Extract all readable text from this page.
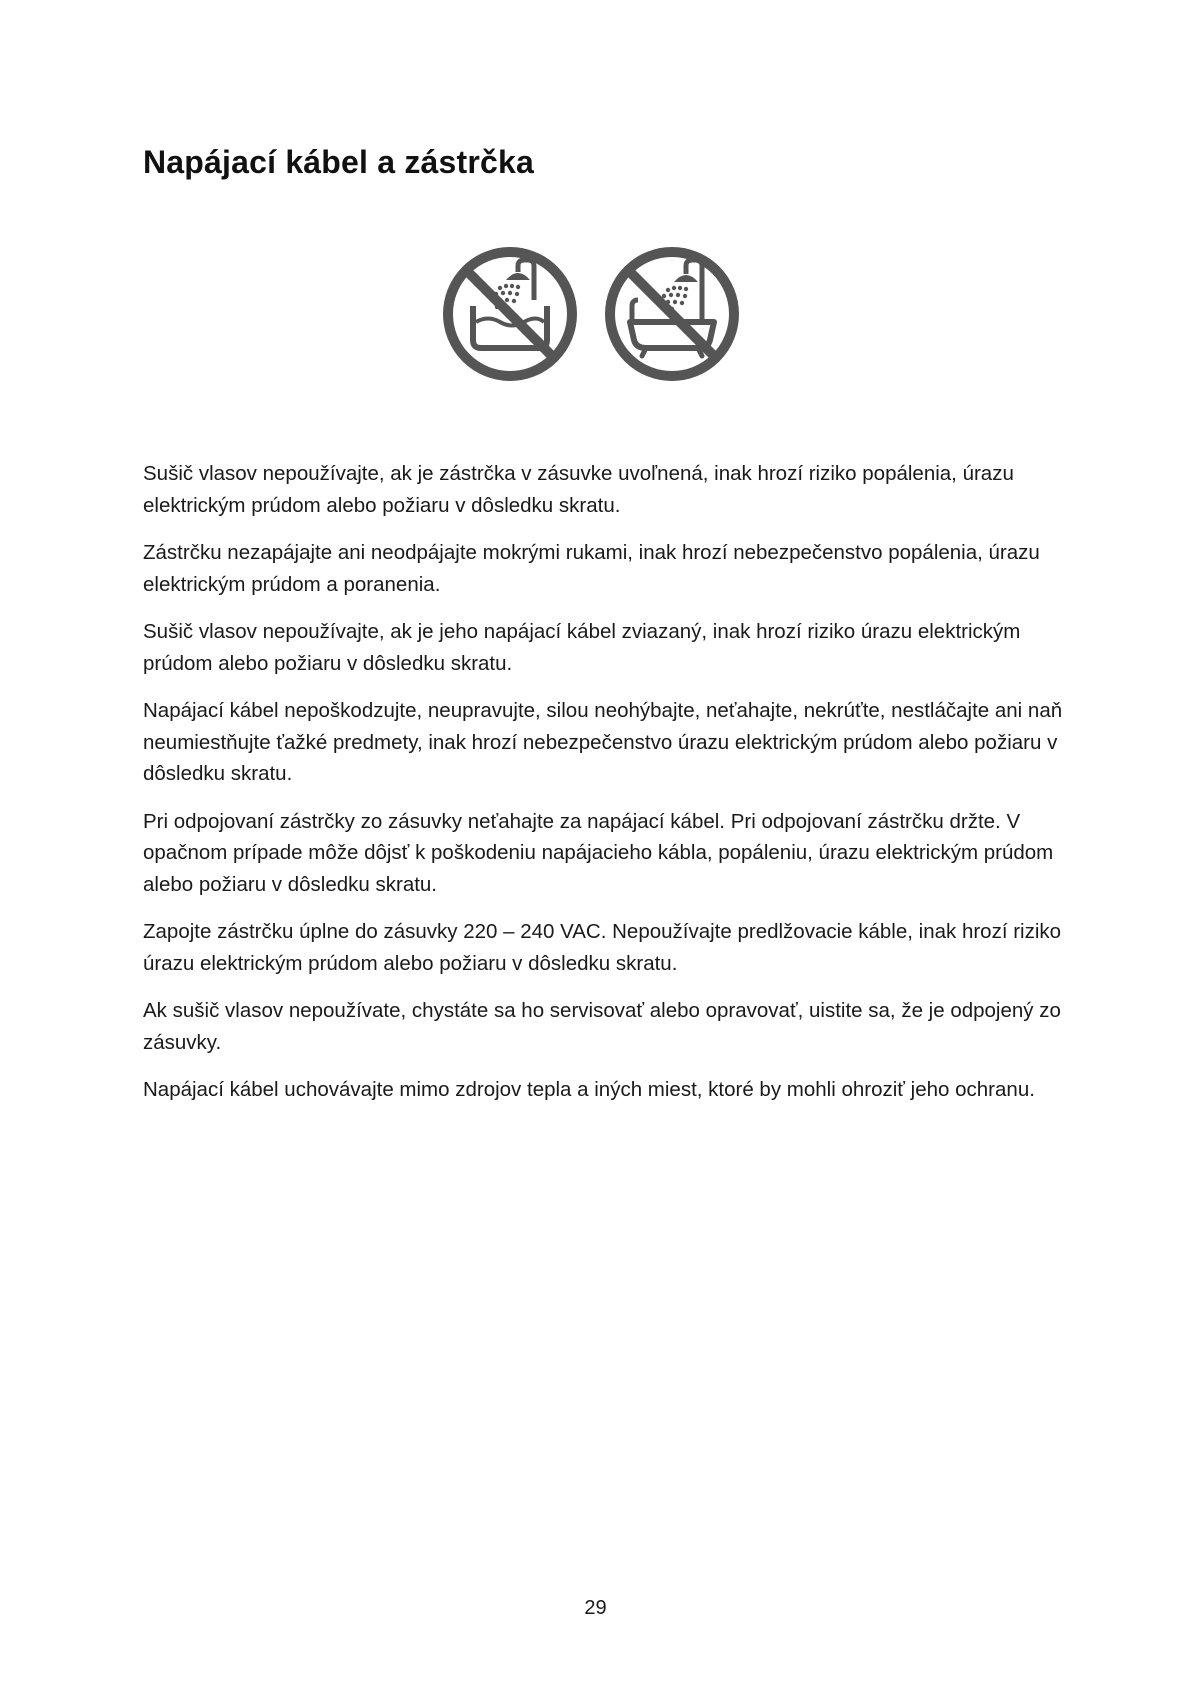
Napájací kábel a zástrčka

Sušič vlasov nepoužívajte, ak je zástrčka v zásuvke uvoľnená, inak hrozí riziko popálenia, úrazu elektrickým prúdom alebo požiaru v dôsledku skratu.

Zástrčku nezapájajte ani neodpájajte mokrými rukami, inak hrozí nebezpečenstvo popálenia, úrazu elektrickým prúdom a poranenia.

Sušič vlasov nepoužívajte, ak je jeho napájací kábel zviazaný, inak hrozí riziko úrazu elektrickým prúdom alebo požiaru v dôsledku skratu.

Napájací kábel nepoškodzujte, neupravujte, silou neohýbajte, neťahajte, nekrúťte, nestláčajte ani naň neumiestňujte ťažké predmety, inak hrozí nebezpečenstvo úrazu elektrickým prúdom alebo požiaru v dôsledku skratu.

Pri odpojovaní zástrčky zo zásuvky neťahajte za napájací kábel. Pri odpojovaní zástrčku držte. V opačnom prípade môže dôjsť k poškodeniu napájacieho kábla, popáleniu, úrazu elektrickým prúdom alebo požiaru v dôsledku skratu.

Zapojte zástrčku úplne do zásuvky 220 – 240 VAC. Nepoužívajte predlžovacie káble, inak hrozí riziko úrazu elektrickým prúdom alebo požiaru v dôsledku skratu.

Ak sušič vlasov nepoužívate, chystáte sa ho servisovať alebo opravovať, uistite sa, že je odpojený zo zásuvky.

Napájací kábel uchovávajte mimo zdrojov tepla a iných miest, ktoré by mohli ohroziť jeho ochranu.

29
